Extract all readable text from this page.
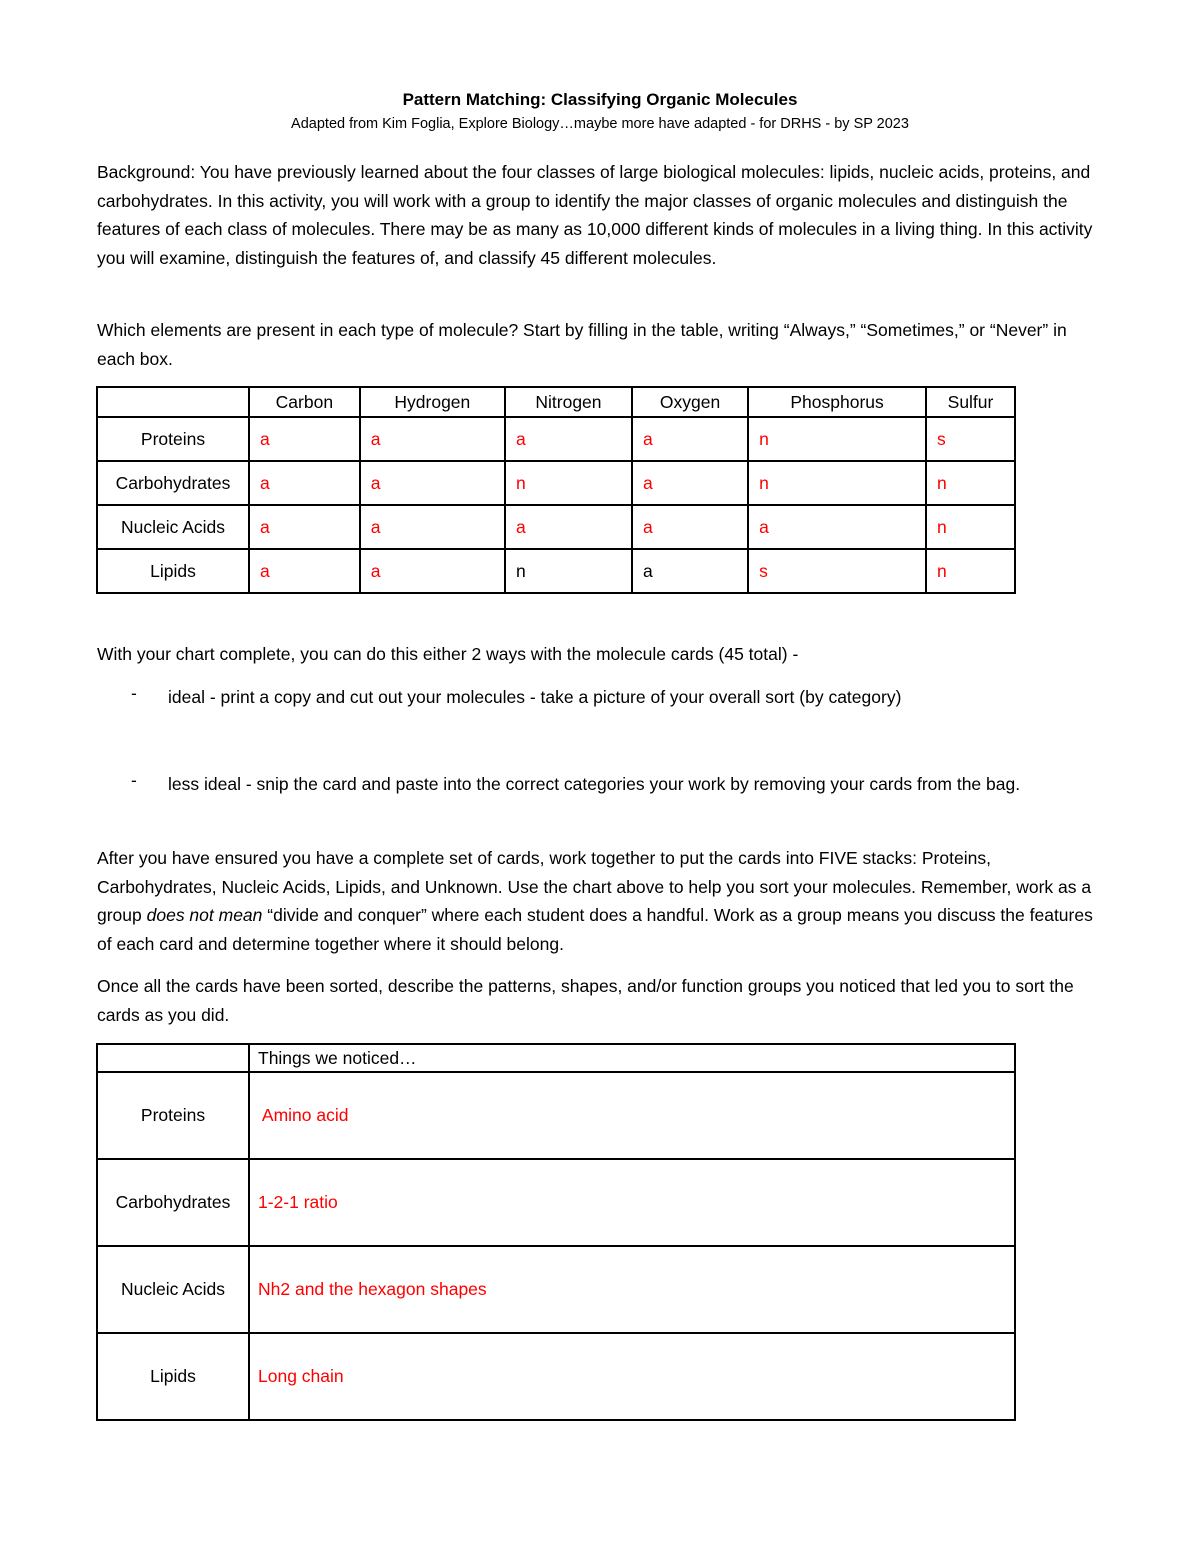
Pattern Matching: Classifying Organic Molecules
Adapted from Kim Foglia, Explore Biology…maybe more have adapted - for DRHS - by SP 2023

Background: You have previously learned about the four classes of large biological molecules: lipids, nucleic acids, proteins, and carbohydrates. In this activity, you will work with a group to identify the major classes of organic molecules and distinguish the features of each class of molecules. There may be as many as 10,000 different kinds of molecules in a living thing. In this activity you will examine, distinguish the features of, and classify 45 different molecules.

Which elements are present in each type of molecule? Start by filling in the table, writing “Always,” “Sometimes,” or “Never” in each box.

	Carbon	Hydrogen	Nitrogen	Oxygen	Phosphorus	Sulfur
Proteins	a	a	a	a	n	s
Carbohydrates	a	a	n	a	n	n
Nucleic Acids	a	a	a	a	a	n
Lipids	a	a	n	a	s	n

With your chart complete, you can do this either 2 ways with the molecule cards (45 total) -

- ideal - print a copy and cut out your molecules - take a picture of your overall sort (by category)
- less ideal - snip the card and paste into the correct categories your work by removing your cards from the bag.

After you have ensured you have a complete set of cards, work together to put the cards into FIVE stacks: Proteins, Carbohydrates, Nucleic Acids, Lipids, and Unknown. Use the chart above to help you sort your molecules. Remember, work as a group does not mean “divide and conquer” where each student does a handful. Work as a group means you discuss the features of each card and determine together where it should belong.

Once all the cards have been sorted, describe the patterns, shapes, and/or function groups you noticed that led you to sort the cards as you did.

	Things we noticed…
Proteins	Amino acid
Carbohydrates	1-2-1 ratio
Nucleic Acids	Nh2 and the hexagon shapes
Lipids	Long chain
